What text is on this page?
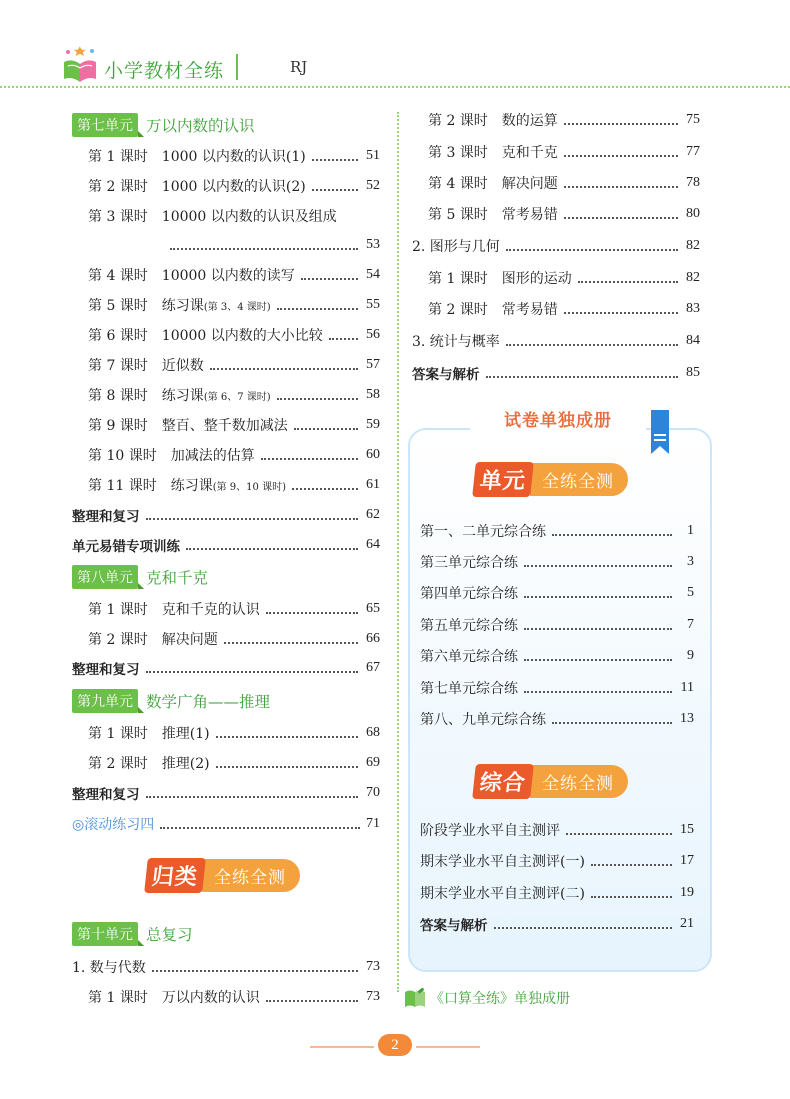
小学教材全练	RJ
第七单元 万以内数的认识
第 1 课时　1000 以内数的认识(1)	51
第 2 课时　1000 以内数的认识(2)	52
第 3 课时　10000 以内数的认识及组成
53
第 4 课时　10000 以内数的读写	54
第 5 课时　练习课 (第 3、4 课时)	55
第 6 课时　10000 以内数的大小比较	56
第 7 课时　近似数	57
第 8 课时　练习课 (第 6、7 课时)	58
第 9 课时　整百、整千数加减法	59
第 10 课时　加减法的估算	60
第 11 课时　练习课 (第 9、10 课时)	61
整理和复习	62
单元易错专项训练	64
第八单元 克和千克
第 1 课时　克和千克的认识	65
第 2 课时　解决问题	66
整理和复习	67
第九单元 数学广角——推理
第 1 课时　推理(1)	68
第 2 课时　推理(2)	69
整理和复习	70
◎滚动练习四	71
归类 全练全测
第十单元 总复习
1. 数与代数	73
第 1 课时　万以内数的认识	73
第 2 课时　数的运算	75
第 3 课时　克和千克	77
第 4 课时　解决问题	78
第 5 课时　常考易错	80
2. 图形与几何	82
第 1 课时　图形的运动	82
第 2 课时　常考易错	83
3. 统计与概率	84
答案与解析	85
试卷单独成册
单元 全练全测
第一、二单元综合练	1
第三单元综合练	3
第四单元综合练	5
第五单元综合练	7
第六单元综合练	9
第七单元综合练	11
第八、九单元综合练	13
综合 全练全测
阶段学业水平自主测评	15
期末学业水平自主测评(一)	17
期末学业水平自主测评(二)	19
答案与解析	21
《口算全练》单独成册
2
